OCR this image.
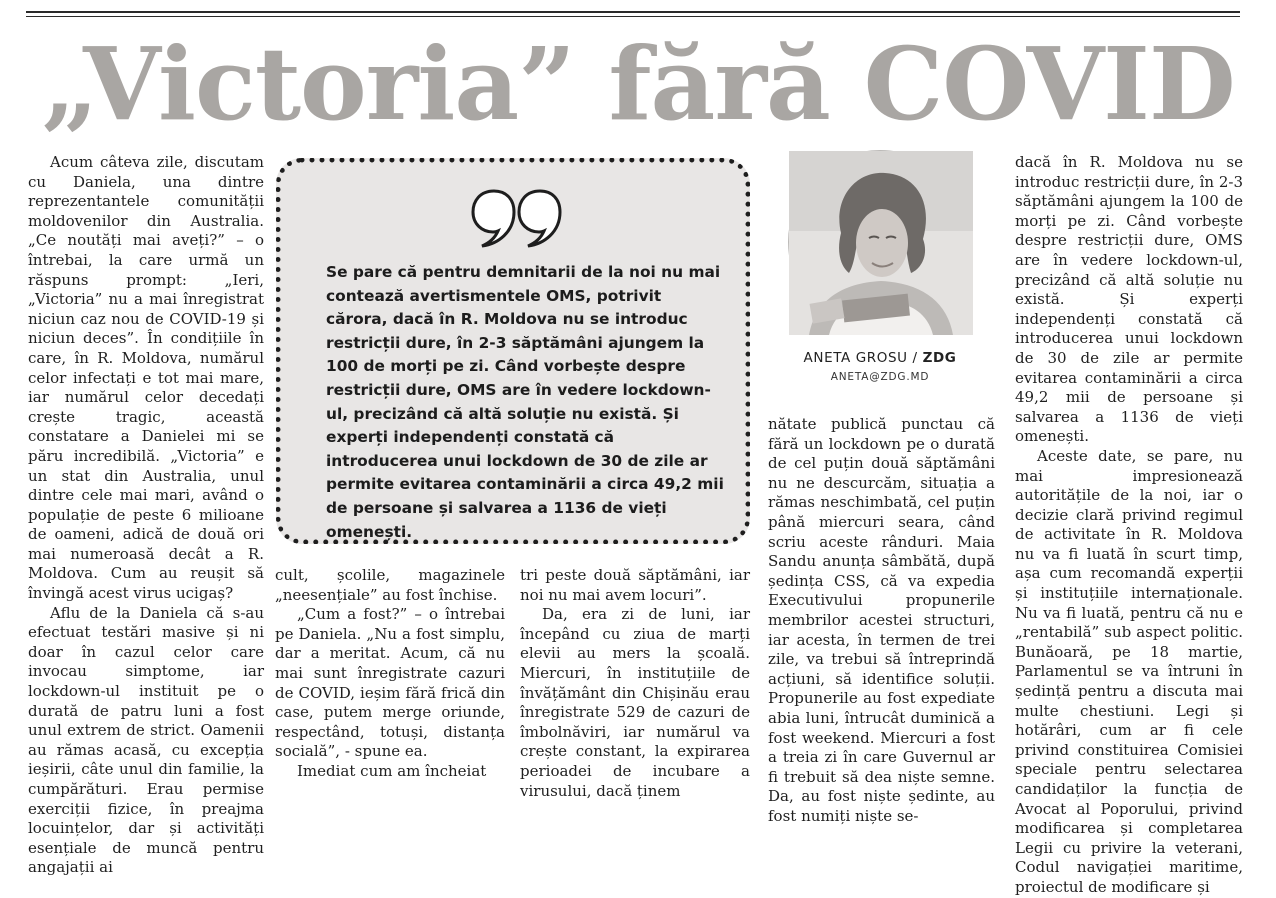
„Victoria” fără COVID

Acum câteva zile, discutam cu Daniela, una dintre reprezentantele comunității moldovenilor din Australia. „Ce noutăți mai aveți?” – o întrebai, la care urmă un răspuns prompt: „Ieri, „Victoria” nu a mai înregistrat niciun caz nou de COVID-19 și niciun deces”. În condițiile în care, în R. Moldova, numărul celor infectați e tot mai mare, iar numărul celor decedați crește tragic, această constatare a Danielei mi se păru incredibilă. „Victoria” e un stat din Australia, unul dintre cele mai mari, având o populație de peste 6 milioane de oameni, adică de două ori mai numeroasă decât a R. Moldova. Cum au reușit să învingă acest virus ucigaș?

Aflu de la Daniela că s-au efectuat testări masive și ni doar în cazul celor care invocau simptome, iar lockdown-ul instituit pe o durată de patru luni a fost unul extrem de strict. Oamenii au rămas acasă, cu excepția ieșirii, câte unul din familie, la cumpărături. Erau permise exerciții fizice, în preajma locuințelor, dar și activități esențiale de muncă pentru angajații ai

Se pare că pentru demnitarii de la noi nu mai contează avertismentele OMS, potrivit cărora, dacă în R. Moldova nu se introduc restricții dure, în 2-3 săptămâni ajungem la 100 de morți pe zi. Când vorbește despre restricții dure, OMS are în vedere lockdown-ul, precizând că altă soluție nu există. Și experți independenți constată că introducerea unui lockdown de 30 de zile ar permite evitarea contaminării a circa 49,2 mii de persoane și salvarea a 1136 de vieți omenești.

cult, școlile, magazinele „neesențiale” au fost închise.

„Cum a fost?” – o întrebai pe Daniela. „Nu a fost simplu, dar a meritat. Acum, că nu mai sunt înregistrate cazuri de COVID, ieșim fără frică din case, putem merge oriunde, respectând, totuși, distanța socială”, - spune ea.

Imediat cum am încheiat

tri peste două săptămâni, iar noi nu mai avem locuri”.

Da, era zi de luni, iar începând cu ziua de marți elevii au mers la școală. Miercuri, în instituțiile de învățământ din Chișinău erau înregistrate 529 de cazuri de îmbolnăviri, iar numărul va crește constant, la expirarea perioadei de incubare a virusului, dacă ținem

ANETA GROSU / ZDG
ANETA@ZDG.MD

nătate publică punctau că fără un lockdown pe o durată de cel puțin două săptămâni nu ne descurcăm, situația a rămas neschimbată, cel puțin până miercuri seara, când scriu aceste rânduri. Maia Sandu anunța sâmbătă, după ședința CSS, că va expedia Executivului propunerile membrilor acestei structuri, iar acesta, în termen de trei zile, va trebui să întreprindă acțiuni, să identifice soluții. Propunerile au fost expediate abia luni, întrucât duminică a fost weekend. Miercuri a fost a treia zi în care Guvernul ar fi trebuit să dea niște semne. Da, au fost niște ședinte, au fost numiți niște se-

dacă în R. Moldova nu se introduc restricții dure, în 2-3 săptămâni ajungem la 100 de morți pe zi. Când vorbește despre restricții dure, OMS are în vedere lockdown-ul, precizând că altă soluție nu există. Și experți independenți constată că introducerea unui lockdown de 30 de zile ar permite evitarea contaminării a circa 49,2 mii de persoane și salvarea a 1136 de vieți omenești.

Aceste date, se pare, nu mai impresionează autoritățile de la noi, iar o decizie clară privind regimul de activitate în R. Moldova nu va fi luată în scurt timp, așa cum recomandă experții și instituțiile internaționale. Nu va fi luată, pentru că nu e „rentabilă” sub aspect politic. Bunăoară, pe 18 martie, Parlamentul se va întruni în ședință pentru a discuta mai multe chestiuni. Legi și hotărâri, cum ar fi cele privind constituirea Comisiei speciale pentru selectarea candidaților la funcția de Avocat al Poporului, privind modificarea și completarea Legii cu privire la veterani, Codul navigației maritime, proiectul de modificare și
